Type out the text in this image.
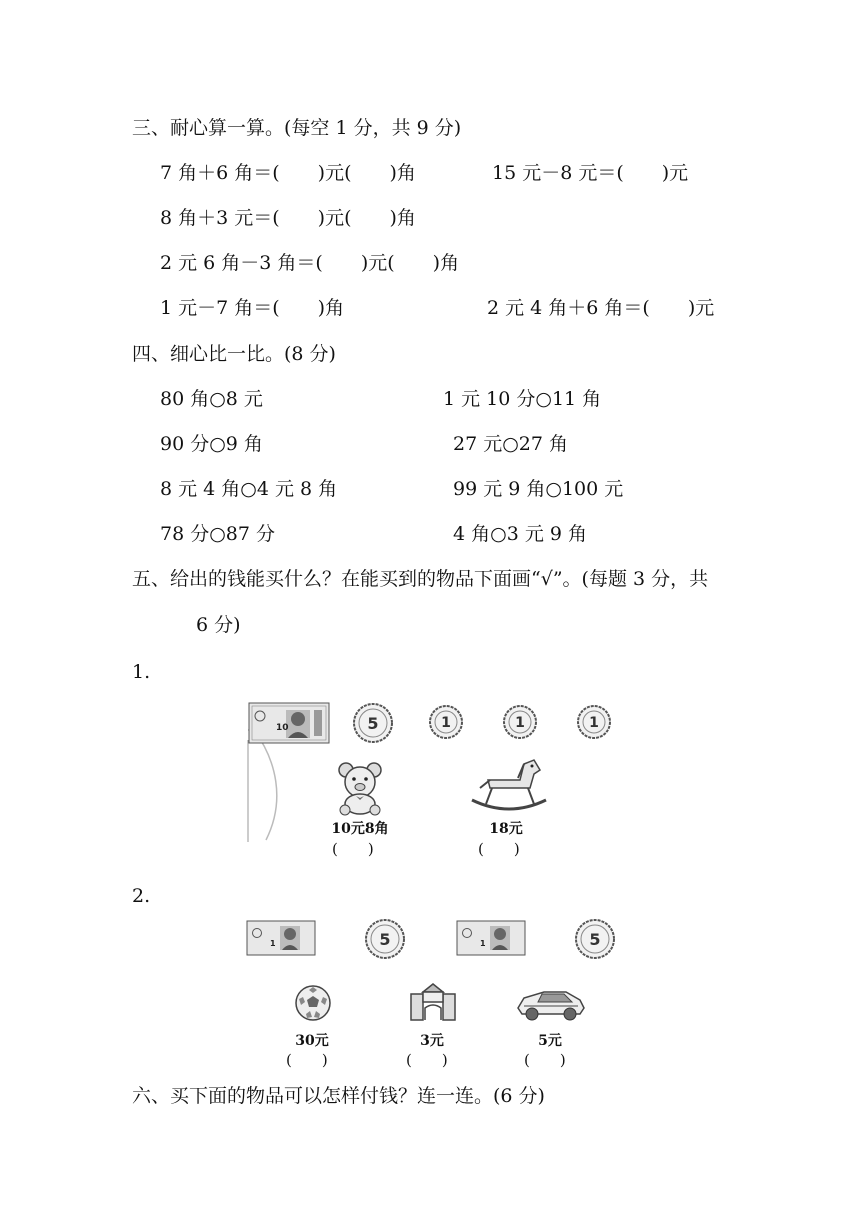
三、耐心算一算。(每空 1 分，共 9 分)
7 角＋6 角＝(　　)元(　　)角	15 元－8 元＝(　　)元
8 角＋3 元＝(　　)元(　　)角
2 元 6 角－3 角＝(　　)元(　　)角
1 元－7 角＝(　　)角	2 元 4 角＋6 角＝(　　)元
四、细心比一比。(8 分)
80 角○8 元	1 元 10 分○11 角
90 分○9 角	27 元○27 角
8 元 4 角○4 元 8 角	99 元 9 角○100 元
78 分○87 分	4 角○3 元 9 角
五、给出的钱能买什么？在能买到的物品下面画“√”。(每题 3 分，共
6 分)
1.
10	5	1	1	1
10元8角
(　　)
18元
(　　)
2.
1	5	1	5
30元
(　　)
3元
(　　)
5元
(　　)
六、买下面的物品可以怎样付钱？连一连。(6 分)
